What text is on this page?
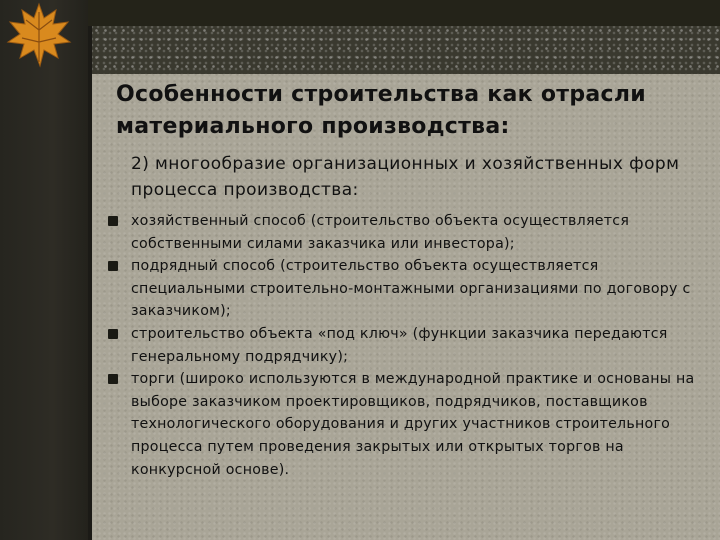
Особенности строительства как отрасли материального производства:

2) многообразие организационных и хозяйственных форм процесса производства:

хозяйственный способ (строительство объекта осуществляется собственными силами заказчика или инвестора);
подрядный способ (строительство объекта осуществляется специальными строительно-монтажными организациями по договору с заказчиком);
строительство объекта «под ключ» (функции заказчика передаются генеральному подрядчику);
торги (широко используются в международной практике и основаны на выборе заказчиком проектировщиков, подрядчиков, поставщиков технологического оборудования и других участников строительного процесса путем проведения закрытых или открытых торгов на конкурсной основе).
